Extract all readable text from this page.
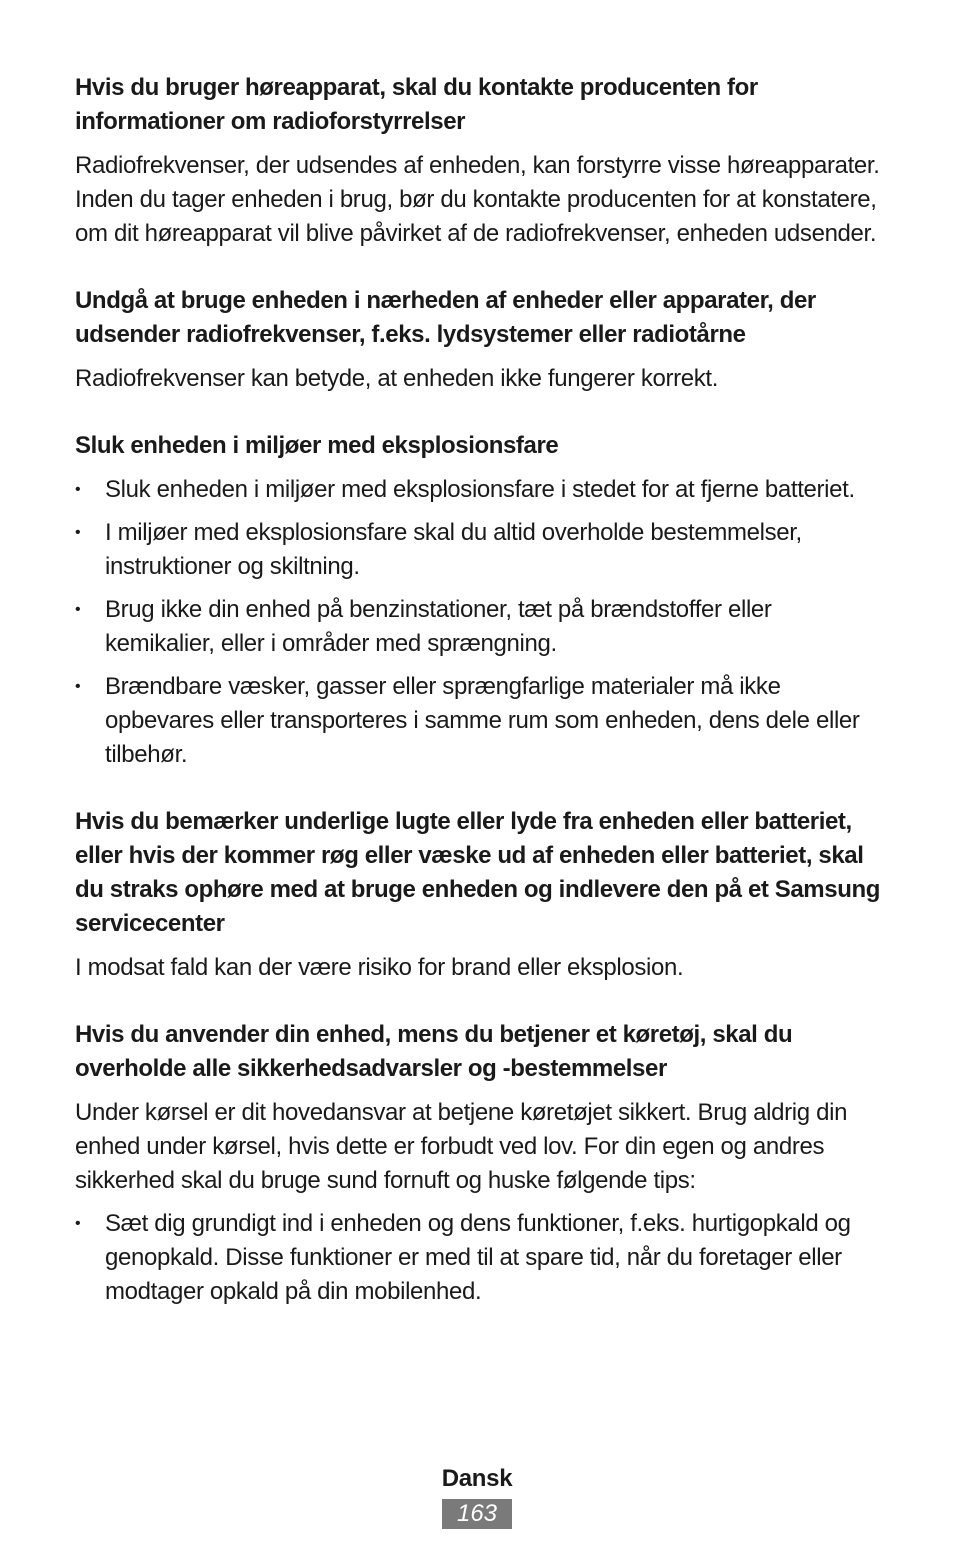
Hvis du bruger høreapparat, skal du kontakte producenten for informationer om radioforstyrrelser

Radiofrekvenser, der udsendes af enheden, kan forstyrre visse høreapparater. Inden du tager enheden i brug, bør du kontakte producenten for at konstatere, om dit høreapparat vil blive påvirket af de radiofrekvenser, enheden udsender.

Undgå at bruge enheden i nærheden af enheder eller apparater, der udsender radiofrekvenser, f.eks. lydsystemer eller radiotårne

Radiofrekvenser kan betyde, at enheden ikke fungerer korrekt.

Sluk enheden i miljøer med eksplosionsfare
• Sluk enheden i miljøer med eksplosionsfare i stedet for at fjerne batteriet.
• I miljøer med eksplosionsfare skal du altid overholde bestemmelser, instruktioner og skiltning.
• Brug ikke din enhed på benzinstationer, tæt på brændstoffer eller kemikalier, eller i områder med sprængning.
• Brændbare væsker, gasser eller sprængfarlige materialer må ikke opbevares eller transporteres i samme rum som enheden, dens dele eller tilbehør.
Hvis du bemærker underlige lugte eller lyde fra enheden eller batteriet, eller hvis der kommer røg eller væske ud af enheden eller batteriet, skal du straks ophøre med at bruge enheden og indlevere den på et Samsung servicecenter

I modsat fald kan der være risiko for brand eller eksplosion.

Hvis du anvender din enhed, mens du betjener et køretøj, skal du overholde alle sikkerhedsadvarsler og -bestemmelser

Under kørsel er dit hovedansvar at betjene køretøjet sikkert. Brug aldrig din enhed under kørsel, hvis dette er forbudt ved lov. For din egen og andres sikkerhed skal du bruge sund fornuft og huske følgende tips:

• Sæt dig grundigt ind i enheden og dens funktioner, f.eks. hurtigopkald og genopkald. Disse funktioner er med til at spare tid, når du foretager eller modtager opkald på din mobilenhed.
Dansk
163
